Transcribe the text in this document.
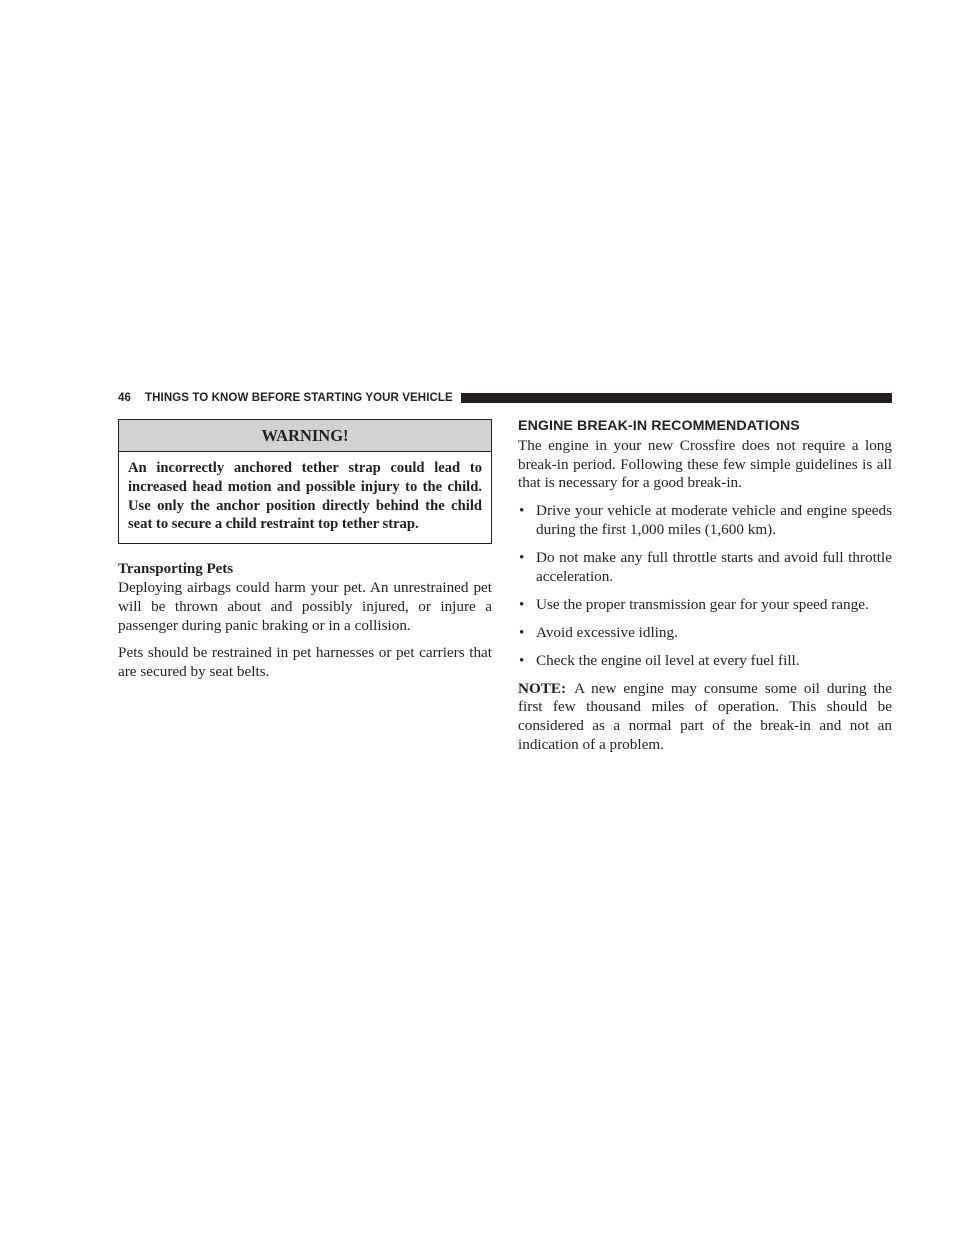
46 THINGS TO KNOW BEFORE STARTING YOUR VEHICLE
WARNING!
An incorrectly anchored tether strap could lead to increased head motion and possible injury to the child. Use only the anchor position directly behind the child seat to secure a child restraint top tether strap.
Transporting Pets

Deploying airbags could harm your pet. An unrestrained pet will be thrown about and possibly injured, or injure a passenger during panic braking or in a collision.

Pets should be restrained in pet harnesses or pet carriers that are secured by seat belts.

ENGINE BREAK-IN RECOMMENDATIONS

The engine in your new Crossfire does not require a long break-in period. Following these few simple guidelines is all that is necessary for a good break-in.

• Drive your vehicle at moderate vehicle and engine speeds during the first 1,000 miles (1,600 km).
• Do not make any full throttle starts and avoid full throttle acceleration.
• Use the proper transmission gear for your speed range.
• Avoid excessive idling.
• Check the engine oil level at every fuel fill.

NOTE: A new engine may consume some oil during the first few thousand miles of operation. This should be considered as a normal part of the break-in and not an indication of a problem.
